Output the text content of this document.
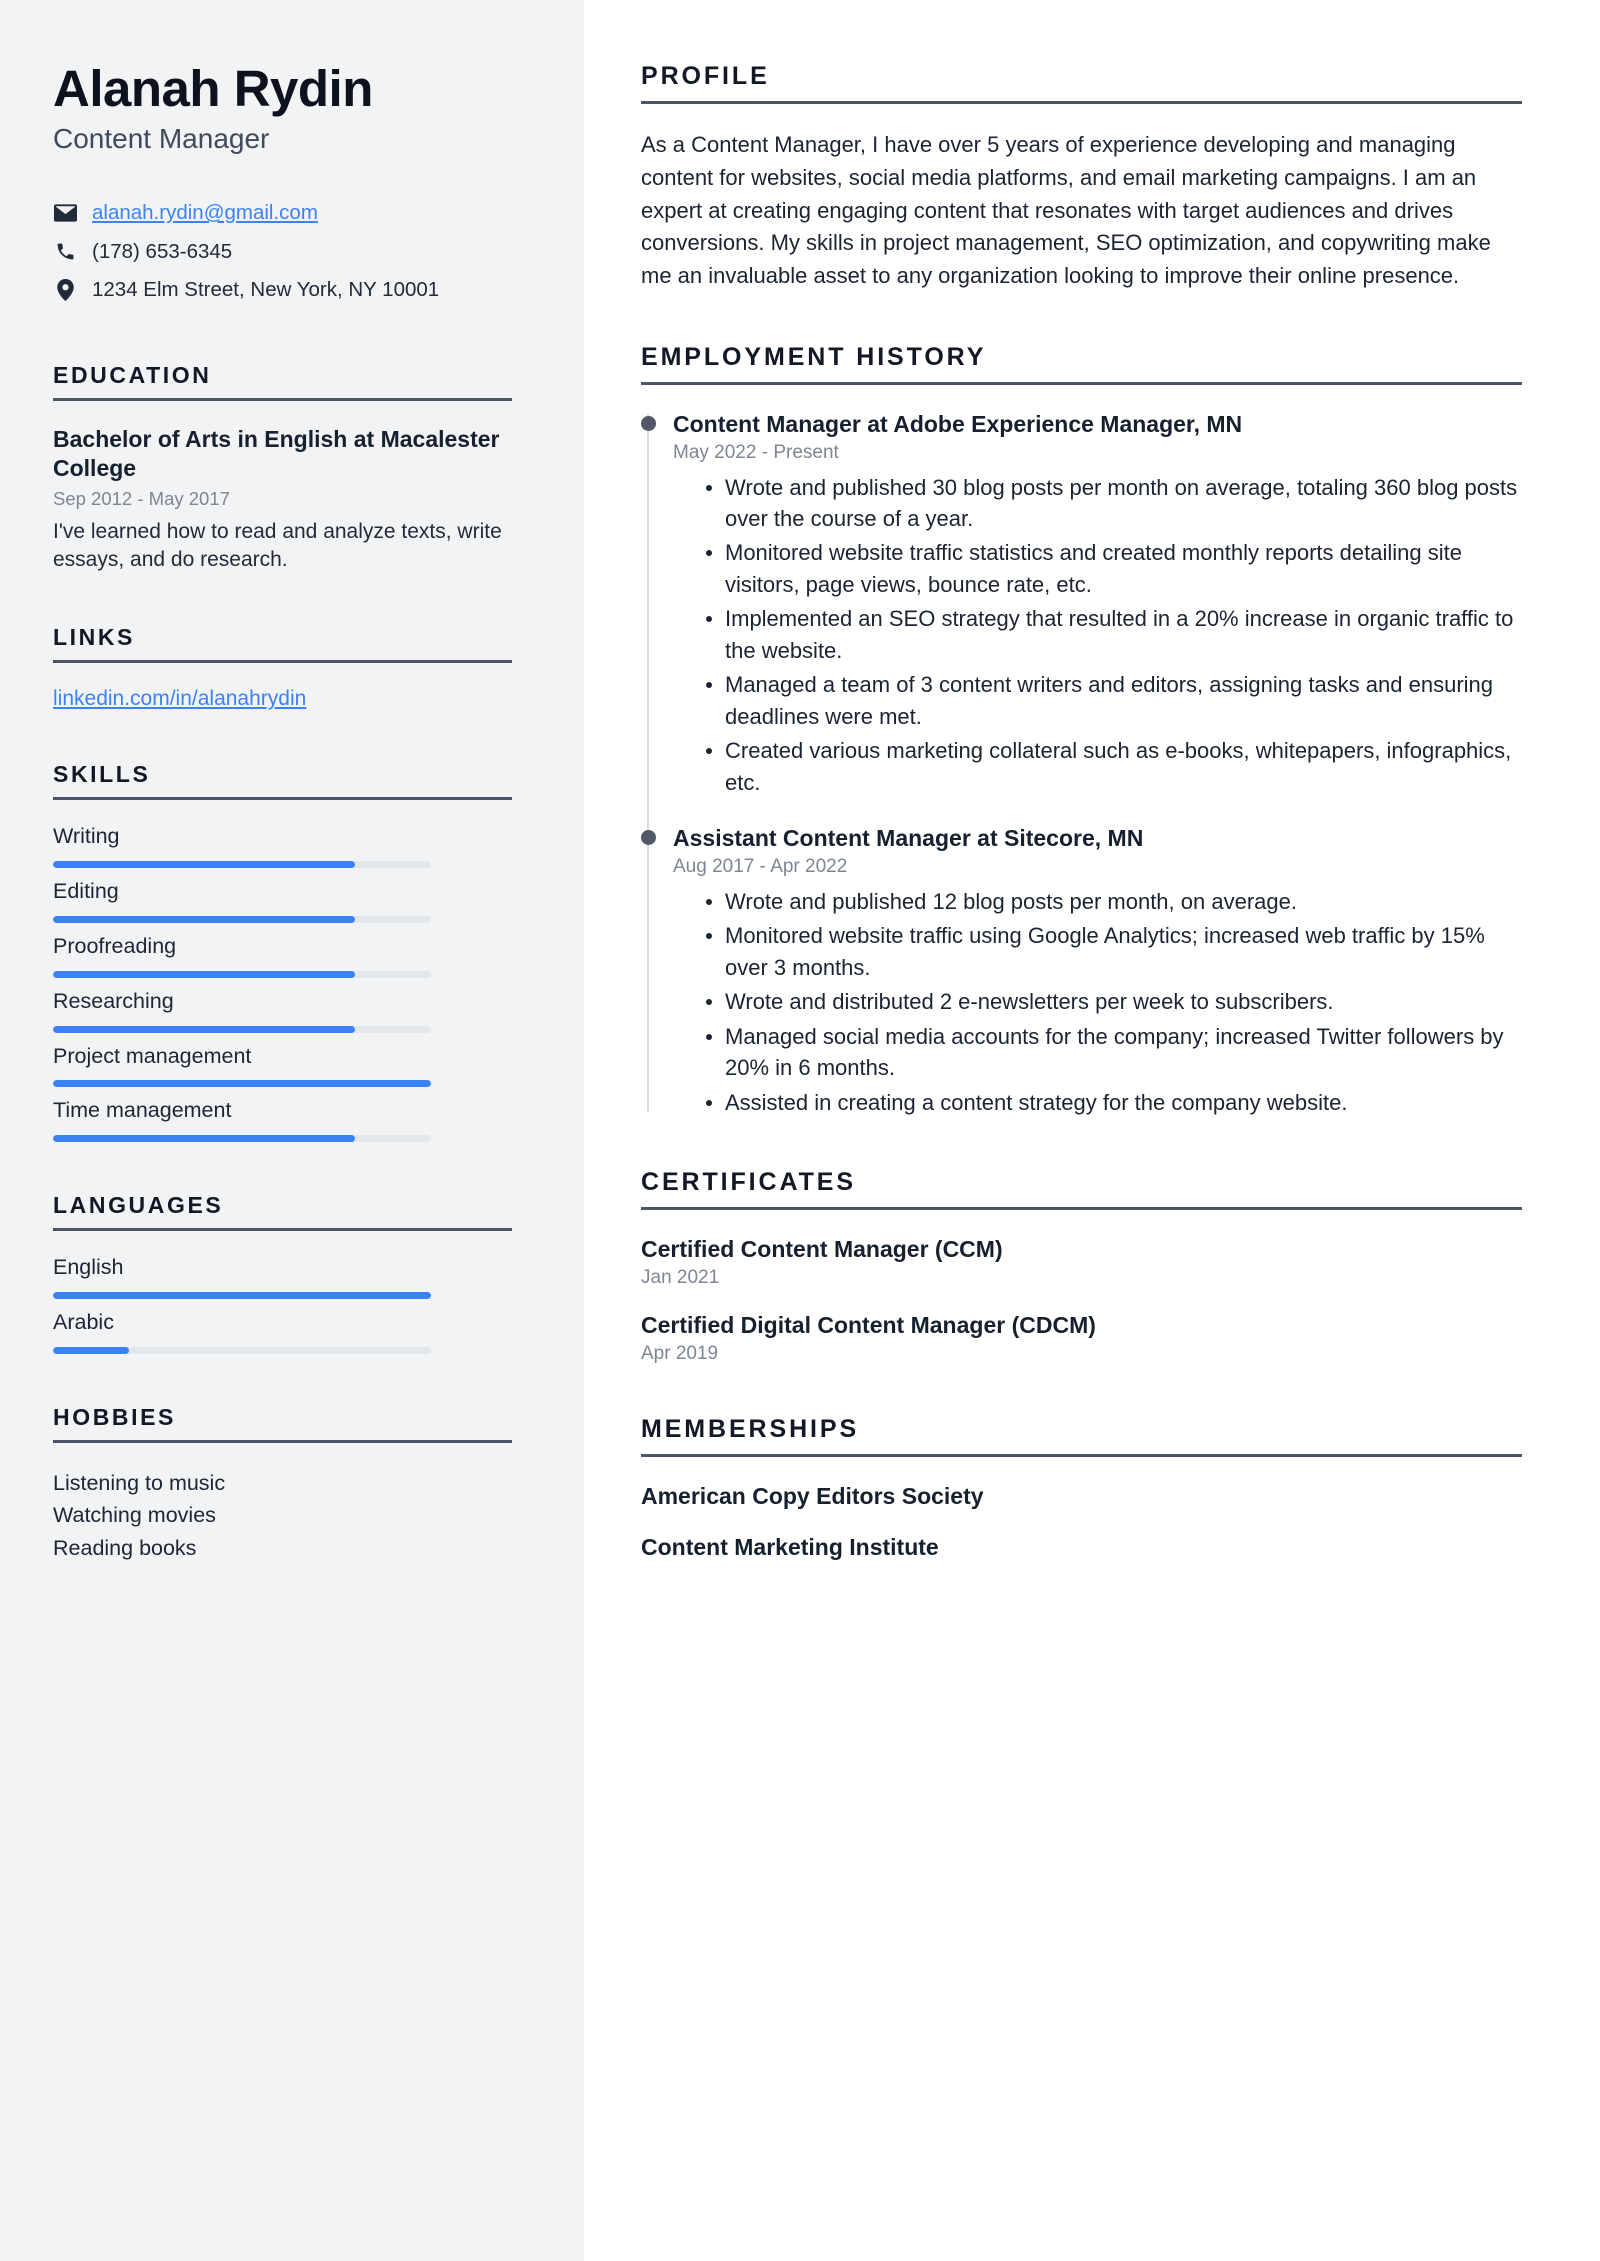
Alanah Rydin
Content Manager
alanah.rydin@gmail.com
(178) 653-6345
1234 Elm Street, New York, NY 10001
EDUCATION
Bachelor of Arts in English at Macalester College
Sep 2012 - May 2017

I've learned how to read and analyze texts, write essays, and do research.

LINKS
linkedin.com/in/alanahrydin
SKILLS
Writing
Editing
Proofreading
Researching
Project management
Time management
LANGUAGES
English
Arabic
HOBBIES

Listening to music

Watching movies

Reading books

PROFILE

As a Content Manager, I have over 5 years of experience developing and managing content for websites, social media platforms, and email marketing campaigns. I am an expert at creating engaging content that resonates with target audiences and drives conversions. My skills in project management, SEO optimization, and copywriting make me an invaluable asset to any organization looking to improve their online presence.

EMPLOYMENT HISTORY
Content Manager at Adobe Experience Manager, MN
May 2022 - Present
Wrote and published 30 blog posts per month on average, totaling 360 blog posts over the course of a year.
Monitored website traffic statistics and created monthly reports detailing site visitors, page views, bounce rate, etc.
Implemented an SEO strategy that resulted in a 20% increase in organic traffic to the website.
Managed a team of 3 content writers and editors, assigning tasks and ensuring deadlines were met.
Created various marketing collateral such as e-books, whitepapers, infographics, etc.
Assistant Content Manager at Sitecore, MN
Aug 2017 - Apr 2022
Wrote and published 12 blog posts per month, on average.
Monitored website traffic using Google Analytics; increased web traffic by 15% over 3 months.
Wrote and distributed 2 e-newsletters per week to subscribers.
Managed social media accounts for the company; increased Twitter followers by 20% in 6 months.
Assisted in creating a content strategy for the company website.
CERTIFICATES
Certified Content Manager (CCM)
Jan 2021
Certified Digital Content Manager (CDCM)
Apr 2019
MEMBERSHIPS

American Copy Editors Society

Content Marketing Institute
